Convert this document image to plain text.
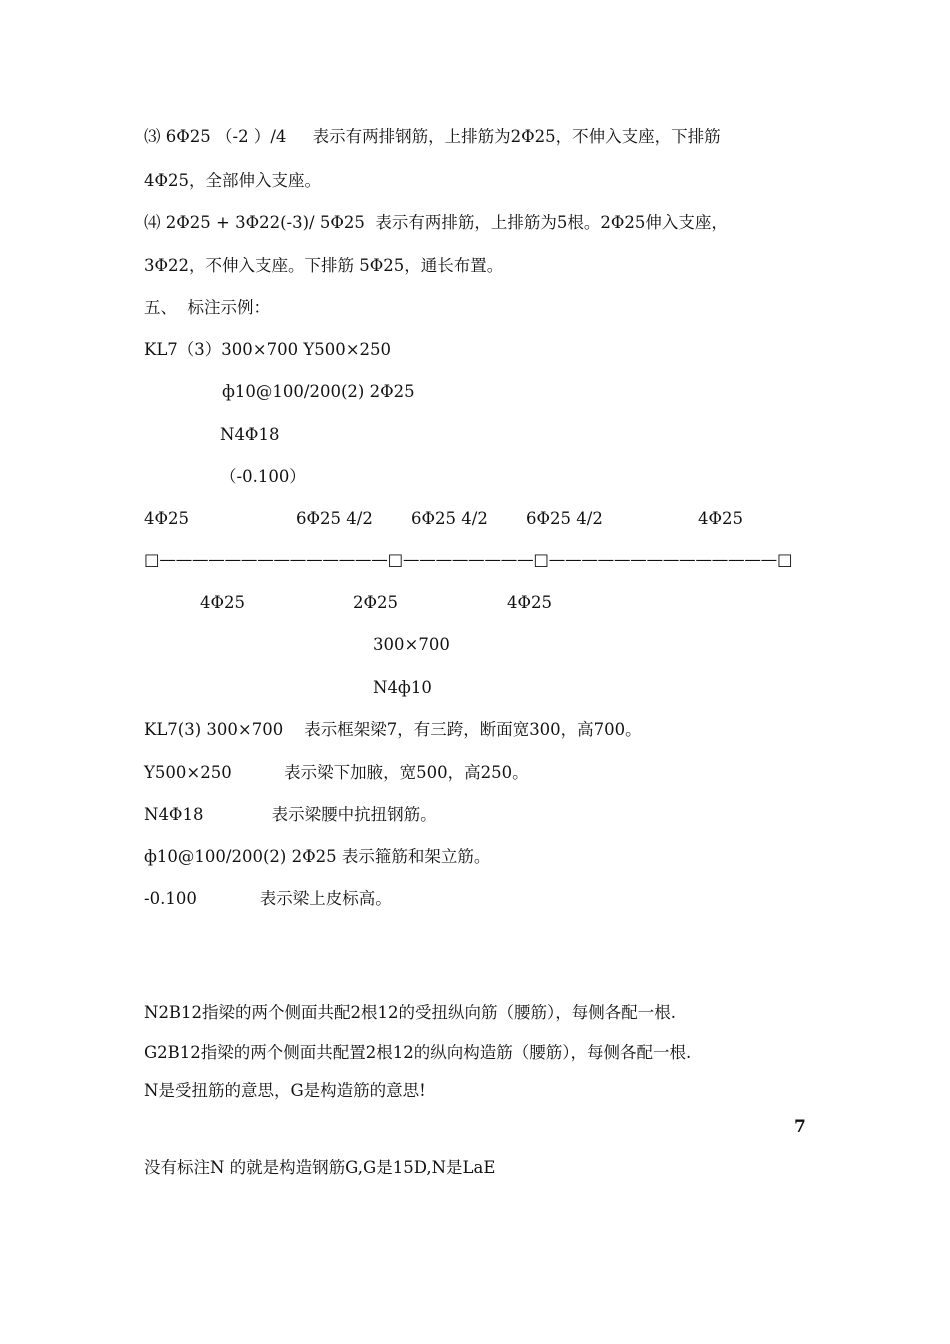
⑶ 6Φ25 （-2 ）/4     表示有两排钢筋，上排筋为2Φ25，不伸入支座，下排筋
4Φ25，全部伸入支座。
⑷ 2Φ25 + 3Φ22(-3)/ 5Φ25  表示有两排筋，上排筋为5根。2Φ25伸入支座，
3Φ22，不伸入支座。下排筋 5Φ25，通长布置。
五、  标注示例：
KL7（3）300×700 Y500×250
ф10@100/200(2) 2Φ25
N4Φ18
（-0.100）
4Φ25	6Φ25 4/2 6Φ25 4/2 6Φ25 4/2	4Φ25
□——————————————□————————□——————————————□
4Φ25	2Φ25	4Φ25
300×700
N4ф10
KL7(3) 300×700    表示框架梁7，有三跨，断面宽300，高700。
Y500×250          表示梁下加腋，宽500，高250。
N4Φ18             表示梁腰中抗扭钢筋。
ф10@100/200(2) 2Φ25 表示箍筋和架立筋。
-0.100            表示梁上皮标高。
N2B12指梁的两个侧面共配2根12的受扭纵向筋（腰筋），每侧各配一根.
G2B12指梁的两个侧面共配置2根12的纵向构造筋（腰筋），每侧各配一根.
N是受扭筋的意思，G是构造筋的意思!
7
没有标注N 的就是构造钢筋G,G是15D,N是LaE
